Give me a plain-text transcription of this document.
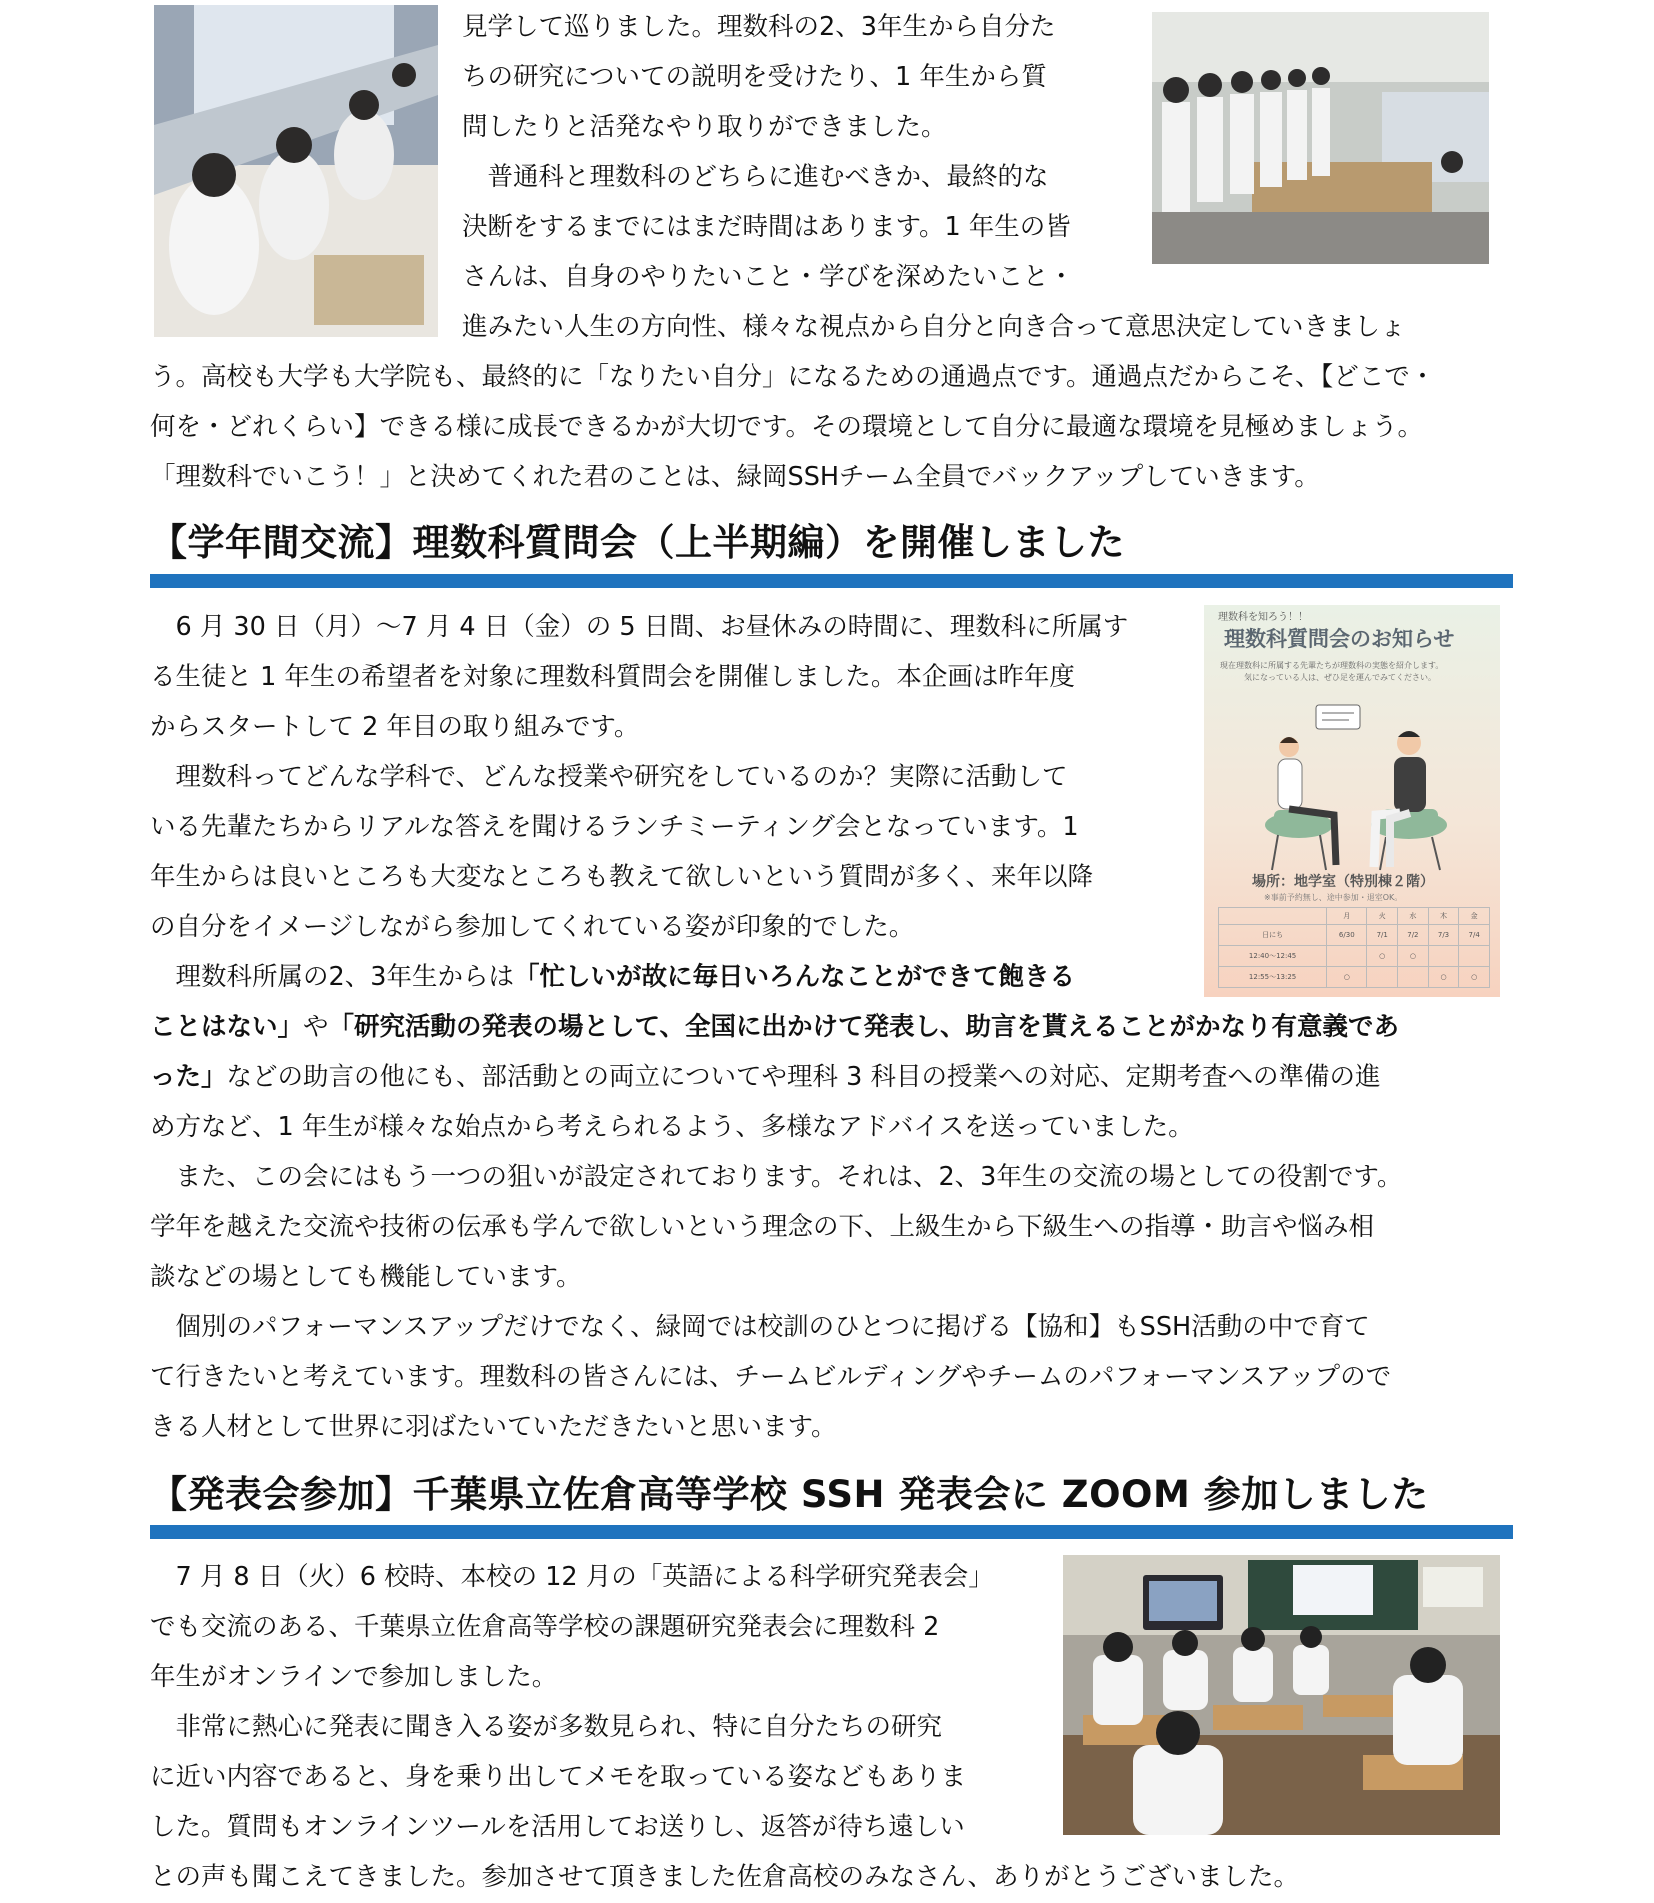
見学して巡りました。理数科の2、3年生から自分た
ちの研究についての説明を受けたり、1 年生から質
問したりと活発なやり取りができました。
　普通科と理数科のどちらに進むべきか、最終的な
決断をするまでにはまだ時間はあります。1 年生の皆
さんは、自身のやりたいこと・学びを深めたいこと・
進みたい人生の方向性、様々な視点から自分と向き合って意思決定していきましょ
う。高校も大学も大学院も、最終的に「なりたい自分」になるための通過点です。通過点だからこそ、【どこで・
何を・どれくらい】できる様に成長できるかが大切です。その環境として自分に最適な環境を見極めましょう。
「理数科でいこう！」と決めてくれた君のことは、緑岡SSHチーム全員でバックアップしていきます。
【学年間交流】理数科質問会（上半期編）を開催しました
　6 月 30 日（月）～7 月 4 日（金）の 5 日間、お昼休みの時間に、理数科に所属す
る生徒と 1 年生の希望者を対象に理数科質問会を開催しました。本企画は昨年度
からスタートして 2 年目の取り組みです。
　理数科ってどんな学科で、どんな授業や研究をしているのか？実際に活動して
いる先輩たちからリアルな答えを聞けるランチミーティング会となっています。1
年生からは良いところも大変なところも教えて欲しいという質問が多く、来年以降
の自分をイメージしながら参加してくれている姿が印象的でした。
　理数科所属の2、3年生からは「忙しいが故に毎日いろんなことができて飽きる
ことはない」や「研究活動の発表の場として、全国に出かけて発表し、助言を貰えることがかなり有意義であ
った」などの助言の他にも、部活動との両立についてや理科 3 科目の授業への対応、定期考査への準備の進
め方など、1 年生が様々な始点から考えられるよう、多様なアドバイスを送っていました。
　また、この会にはもう一つの狙いが設定されております。それは、2、3年生の交流の場としての役割です。
学年を越えた交流や技術の伝承も学んで欲しいという理念の下、上級生から下級生への指導・助言や悩み相
談などの場としても機能しています。
　個別のパフォーマンスアップだけでなく、緑岡では校訓のひとつに掲げる【協和】もSSH活動の中で育て
て行きたいと考えています。理数科の皆さんには、チームビルディングやチームのパフォーマンスアップので
きる人材として世界に羽ばたいていただきたいと思います。
理数科を知ろう！！
理数科質問会のお知らせ
現在理数科に所属する先輩たちが理数科の実態を紹介します。
気になっている人は、ぜひ足を運んでみてください。
場所：地学室（特別棟２階）
※事前予約無し、途中参加・退室OK。
	月	火	水	木	金
日にち	6/30	7/1	7/2	7/3	7/4
12:40～12:45		○	○		
12:55～13:25	○			○	○
【発表会参加】千葉県立佐倉高等学校 SSH 発表会に ZOOM 参加しました
　7 月 8 日（火）6 校時、本校の 12 月の「英語による科学研究発表会」
でも交流のある、千葉県立佐倉高等学校の課題研究発表会に理数科 2
年生がオンラインで参加しました。
　非常に熱心に発表に聞き入る姿が多数見られ、特に自分たちの研究
に近い内容であると、身を乗り出してメモを取っている姿などもありま
した。質問もオンラインツールを活用してお送りし、返答が待ち遠しい
との声も聞こえてきました。参加させて頂きました佐倉高校のみなさん、ありがとうございました。
